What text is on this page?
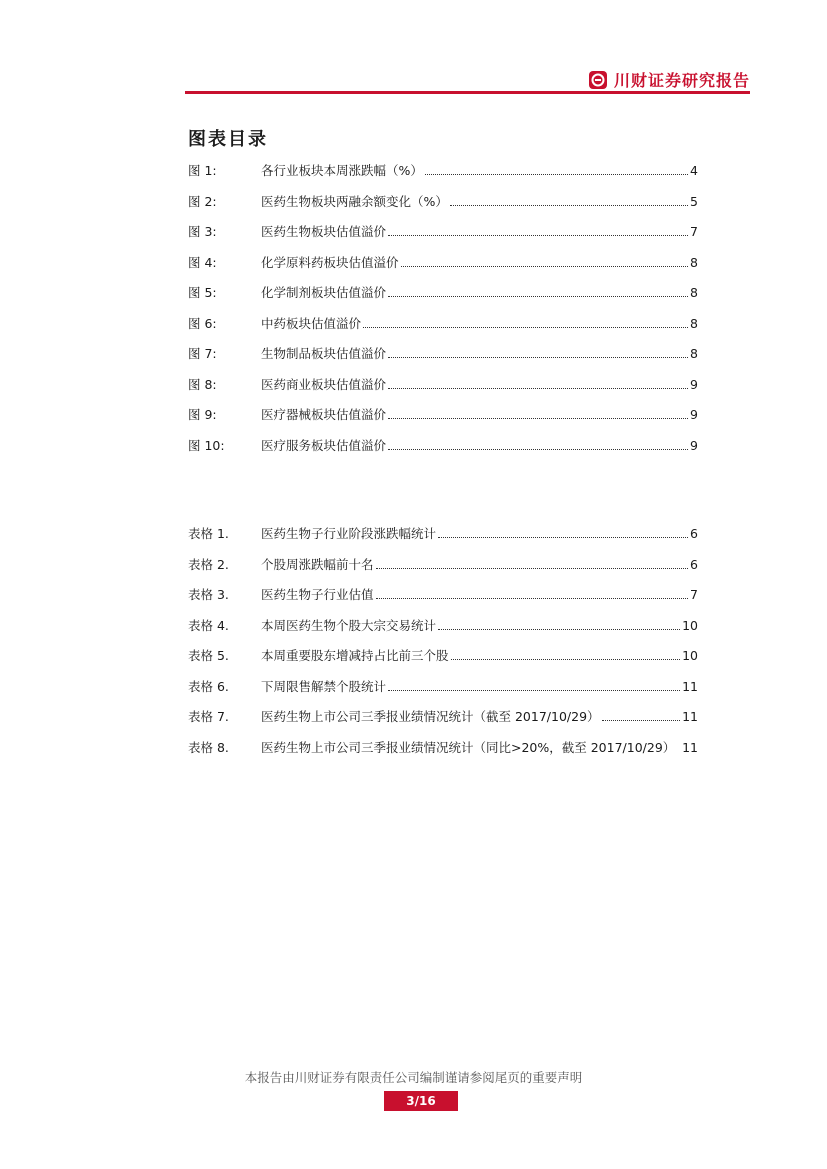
川财证券研究报告
图表目录
图 1:	各行业板块本周涨跌幅（%）	4
图 2:	医药生物板块两融余额变化（%）	5
图 3:	医药生物板块估值溢价	7
图 4:	化学原料药板块估值溢价	8
图 5:	化学制剂板块估值溢价	8
图 6:	中药板块估值溢价	8
图 7:	生物制品板块估值溢价	8
图 8:	医药商业板块估值溢价	9
图 9:	医疗器械板块估值溢价	9
图 10:	医疗服务板块估值溢价	9
表格 1.	医药生物子行业阶段涨跌幅统计	6
表格 2.	个股周涨跌幅前十名	6
表格 3.	医药生物子行业估值	7
表格 4.	本周医药生物个股大宗交易统计	10
表格 5.	本周重要股东增减持占比前三个股	10
表格 6.	下周限售解禁个股统计	11
表格 7.	医药生物上市公司三季报业绩情况统计（截至 2017/10/29）	11
表格 8.	医药生物上市公司三季报业绩情况统计（同比>20%，截至 2017/10/29） 11
本报告由川财证券有限责任公司编制谨请参阅尾页的重要声明
3/16
